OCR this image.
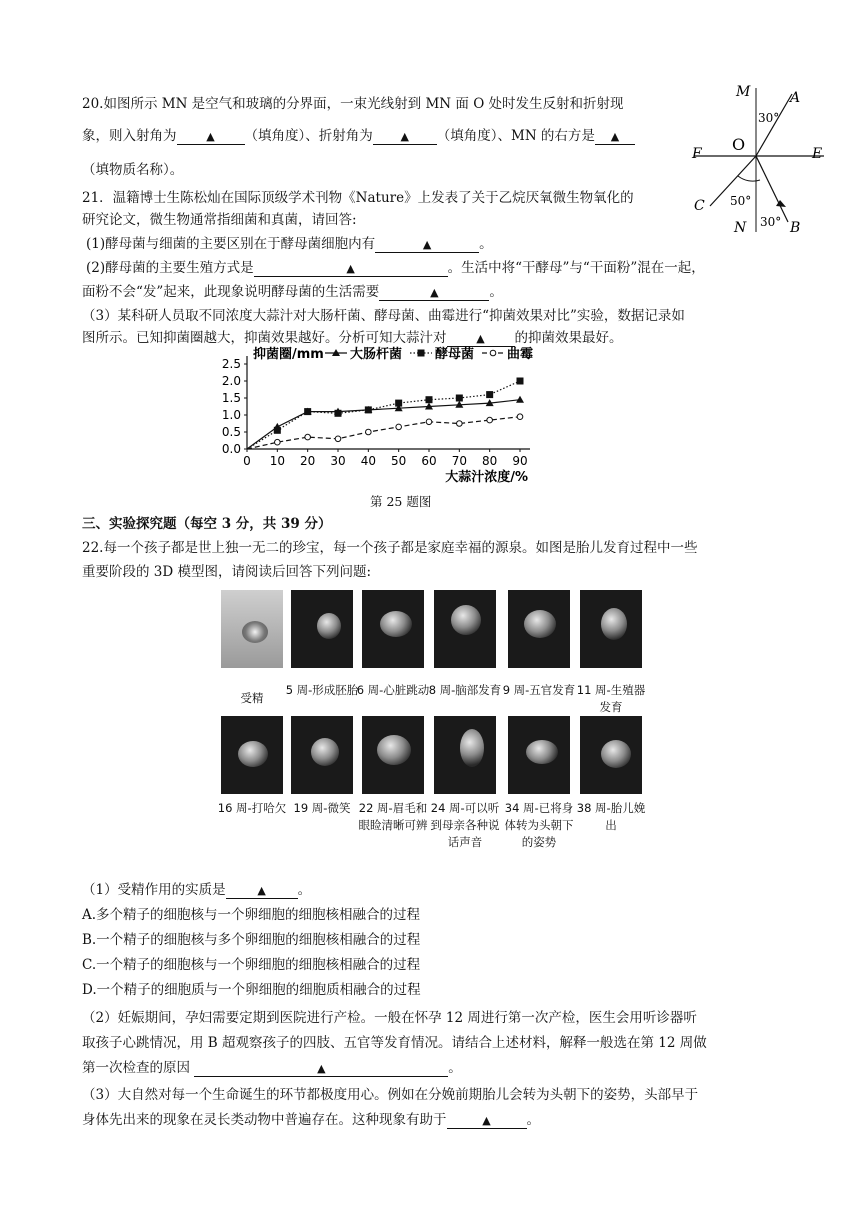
20.如图所示 MN 是空气和玻璃的分界面，一束光线射到 MN 面 O 处时发生反射和折射现
象，则入射角为	▲ （填角度）、折射角为	▲ （填角度）、MN 的右方是 ▲
（填物质名称）。
M	A
30°
O
F	E
C 50°
N 30° B
21．温籍博士生陈松灿在国际顶级学术刊物《Nature》上发表了关于乙烷厌氧微生物氧化的
研究论文，微生物通常指细菌和真菌，请回答:
(1)酵母菌与细菌的主要区别在于酵母菌细胞内有	▲	。
(2)酵母菌的主要生殖方式是	▲	。生活中将“干酵母”与“干面粉”混在一起，
面粉不会“发”起来，此现象说明酵母菌的生活需要	▲	。
（3）某科研人员取不同浓度大蒜汁对大肠杆菌、酵母菌、曲霉进行“抑菌效果对比”实验，数据记录如
图所示。已知抑菌圈越大，抑菌效果越好。分析可知大蒜汁对	▲ 的抑菌效果最好。
0.0
0.5
1.0
1.5
2.0
2.5
0 10 20 30 40 50 60 70 80 90
抑菌圈/mm
大蒜汁浓度/%
大肠杆菌	酵母菌	曲霉
第 25 题图
三、实验探究题（每空 3 分，共 39 分）
22.每一个孩子都是世上独一无二的珍宝，每一个孩子都是家庭幸福的源泉。如图是胎儿发育过程中一些
重要阶段的 3D 模型图，请阅读后回答下列问题:
受精
5 周-形成胚胎
6 周-心脏跳动 8 周-脑部发育 9 周-五官发育 11 周-生殖器发育
16 周-打哈欠 19 周-微笑 22 周-眉毛和眼睑清晰可辨
24 周-可以听到母亲各种说话声音
34 周-已将身体转为头朝下的姿势
38 周-胎儿娩出
（1）受精作用的实质是	▲ 。
A.多个精子的细胞核与一个卵细胞的细胞核相融合的过程
B.一个精子的细胞核与多个卵细胞的细胞核相融合的过程
C.一个精子的细胞核与一个卵细胞的细胞核相融合的过程
D.一个精子的细胞质与一个卵细胞的细胞质相融合的过程
（2）妊娠期间，孕妇需要定期到医院进行产检。一般在怀孕 12 周进行第一次产检，医生会用听诊器听
取孩子心跳情况，用 B 超观察孩子的四肢、五官等发育情况。请结合上述材料，解释一般选在第 12 周做
第一次检查的原因	▲	。
（3）大自然对每一个生命诞生的环节都极度用心。例如在分娩前期胎儿会转为头朝下的姿势，头部早于
身体先出来的现象在灵长类动物中普遍存在。这种现象有助于	▲	。
